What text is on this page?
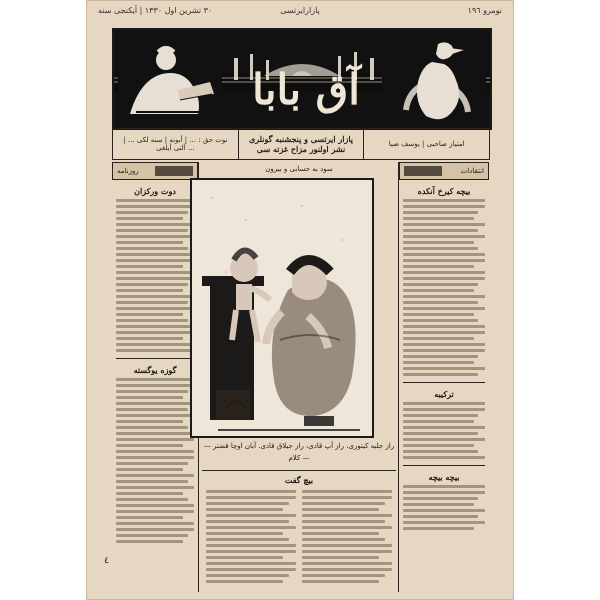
٣٠ تشرين اول ١٣٣٠ | آیکنجی سنه	پازارایرتسی	نومرو ١٩٦
آق بابا
نوت حق : ... | آبونه | سنه لکی ... | آلتی آیلغی ...
پازار ایرتسی و پنجشنبه گونلری نشر اولنور مزاح غزته سی	امتیاز صاحبی | یوسف ضیا
روزنامه
دوت ورکزان
گوزه یوگسته
سود به حسابی و بیرون
— راز جلبه کیتوری، راز آپ قادی، راز جیلاق قادی. آبان اوچا قشتر کلام —
بیچ گفت
انتقادات
بیچه کیرخ آنکده
ترکیبه
بیچه بیچه
٤
